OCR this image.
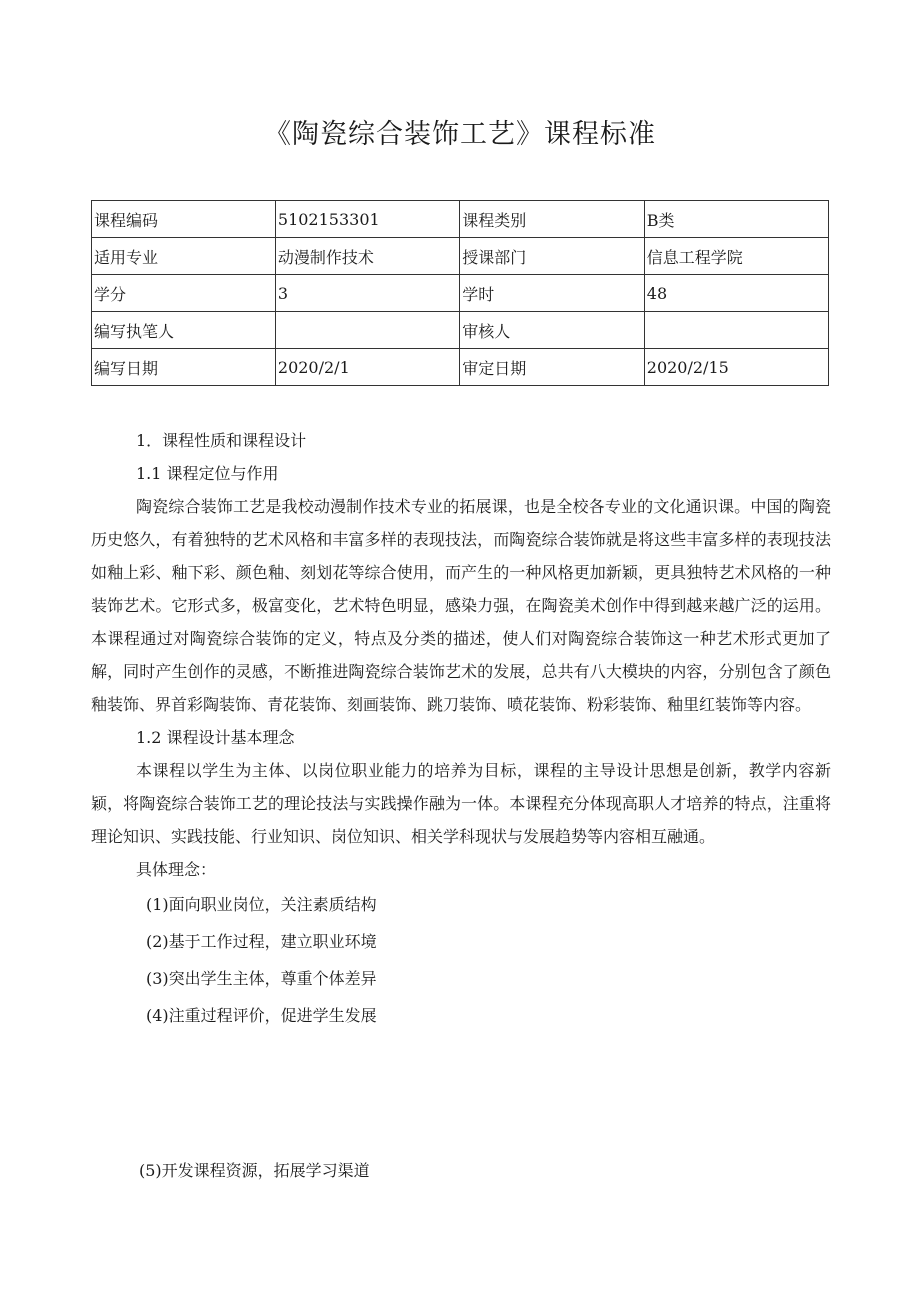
《陶瓷综合装饰工艺》课程标准
课程编码	5102153301	课程类别	B类
适用专业	动漫制作技术	授课部门	信息工程学院
学分	3	学时	48
编写执笔人		审核人	
编写日期	2020/2/1	审定日期	2020/2/15
1．课程性质和课程设计
1.1 课程定位与作用

陶瓷综合装饰工艺是我校动漫制作技术专业的拓展课，也是全校各专业的文化通识课。中国的陶瓷历史悠久，有着独特的艺术风格和丰富多样的表现技法，而陶瓷综合装饰就是将这些丰富多样的表现技法如釉上彩、釉下彩、颜色釉、刻划花等综合使用，而产生的一种风格更加新颖，更具独特艺术风格的一种装饰艺术。它形式多，极富变化，艺术特色明显，感染力强，在陶瓷美术创作中得到越来越广泛的运用。本课程通过对陶瓷综合装饰的定义，特点及分类的描述，使人们对陶瓷综合装饰这一种艺术形式更加了解，同时产生创作的灵感，不断推进陶瓷综合装饰艺术的发展，总共有八大模块的内容，分别包含了颜色釉装饰、界首彩陶装饰、青花装饰、刻画装饰、跳刀装饰、喷花装饰、粉彩装饰、釉里红装饰等内容。

1.2 课程设计基本理念

本课程以学生为主体、以岗位职业能力的培养为目标，课程的主导设计思想是创新，教学内容新颖，将陶瓷综合装饰工艺的理论技法与实践操作融为一体。本课程充分体现高职人才培养的特点，注重将理论知识、实践技能、行业知识、岗位知识、相关学科现状与发展趋势等内容相互融通。

具体理念：
(1)面向职业岗位，关注素质结构
(2)基于工作过程，建立职业环境
(3)突出学生主体，尊重个体差异
(4)注重过程评价，促进学生发展
(5)开发课程资源，拓展学习渠道
